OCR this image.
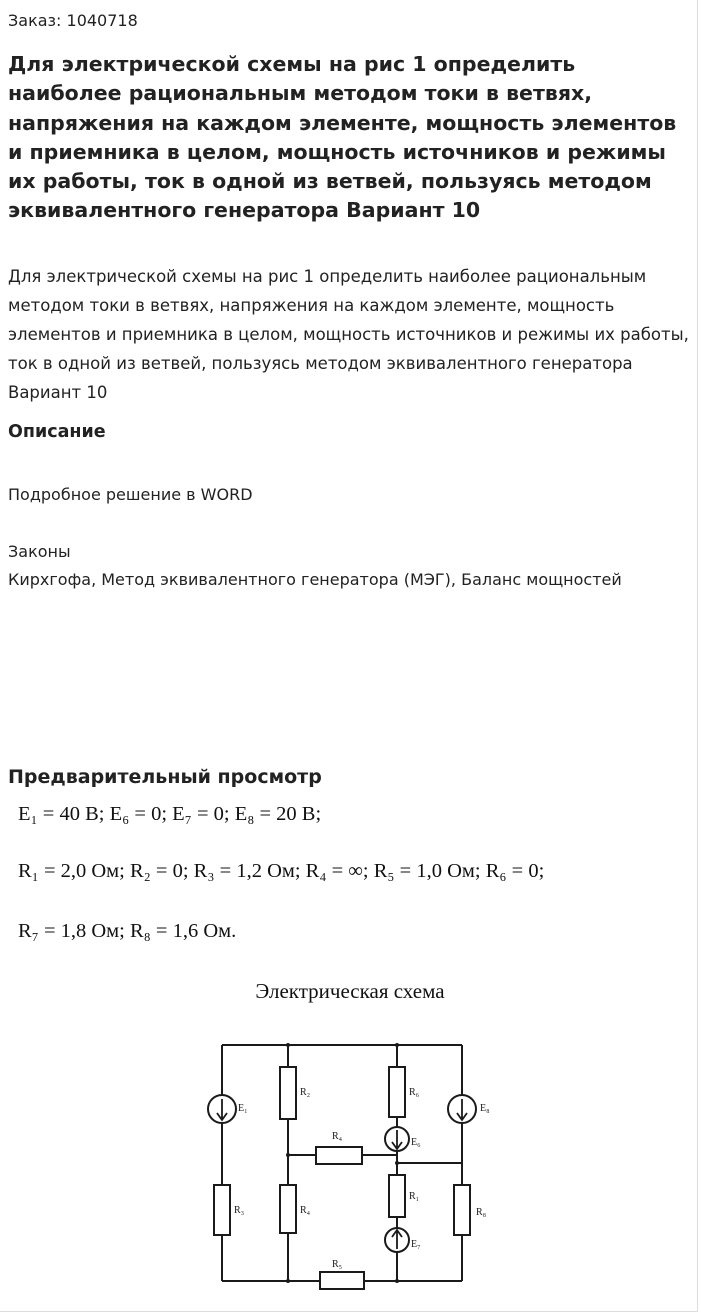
Заказ: 1040718
Для электрической схемы на рис 1 определить наиболее рациональным методом токи в ветвях, напряжения на каждом элементе, мощность элементов и приемника в целом, мощность источников и режимы их работы, ток в одной из ветвей, пользуясь методом эквивалентного генератора Вариант 10

Для электрической схемы на рис 1 определить наиболее рациональным методом токи в ветвях, напряжения на каждом элементе, мощность элементов и приемника в целом, мощность источников и режимы их работы, ток в одной из ветвей, пользуясь методом эквивалентного генератора Вариант 10

Описание

Подробное решение в WORD

Законы

Кирхгофа, Метод эквивалентного генератора (МЭГ), Баланс мощностей

Предварительный просмотр
E₁ = 40 В; E₆ = 0; E₇ = 0; E₈ = 20 В;
R₁ = 2,0 Ом; R₂ = 0; R₃ = 1,2 Ом; R₄ = ∞; R₅ = 1,0 Ом; R₆ = 0;
R₇ = 1,8 Ом; R₈ = 1,6 Ом.
Электрическая схема
E₁
R₂	R₆
E₈
R₄
E₆
R₃	R₄
R₁
R₈
R₅
E₇
